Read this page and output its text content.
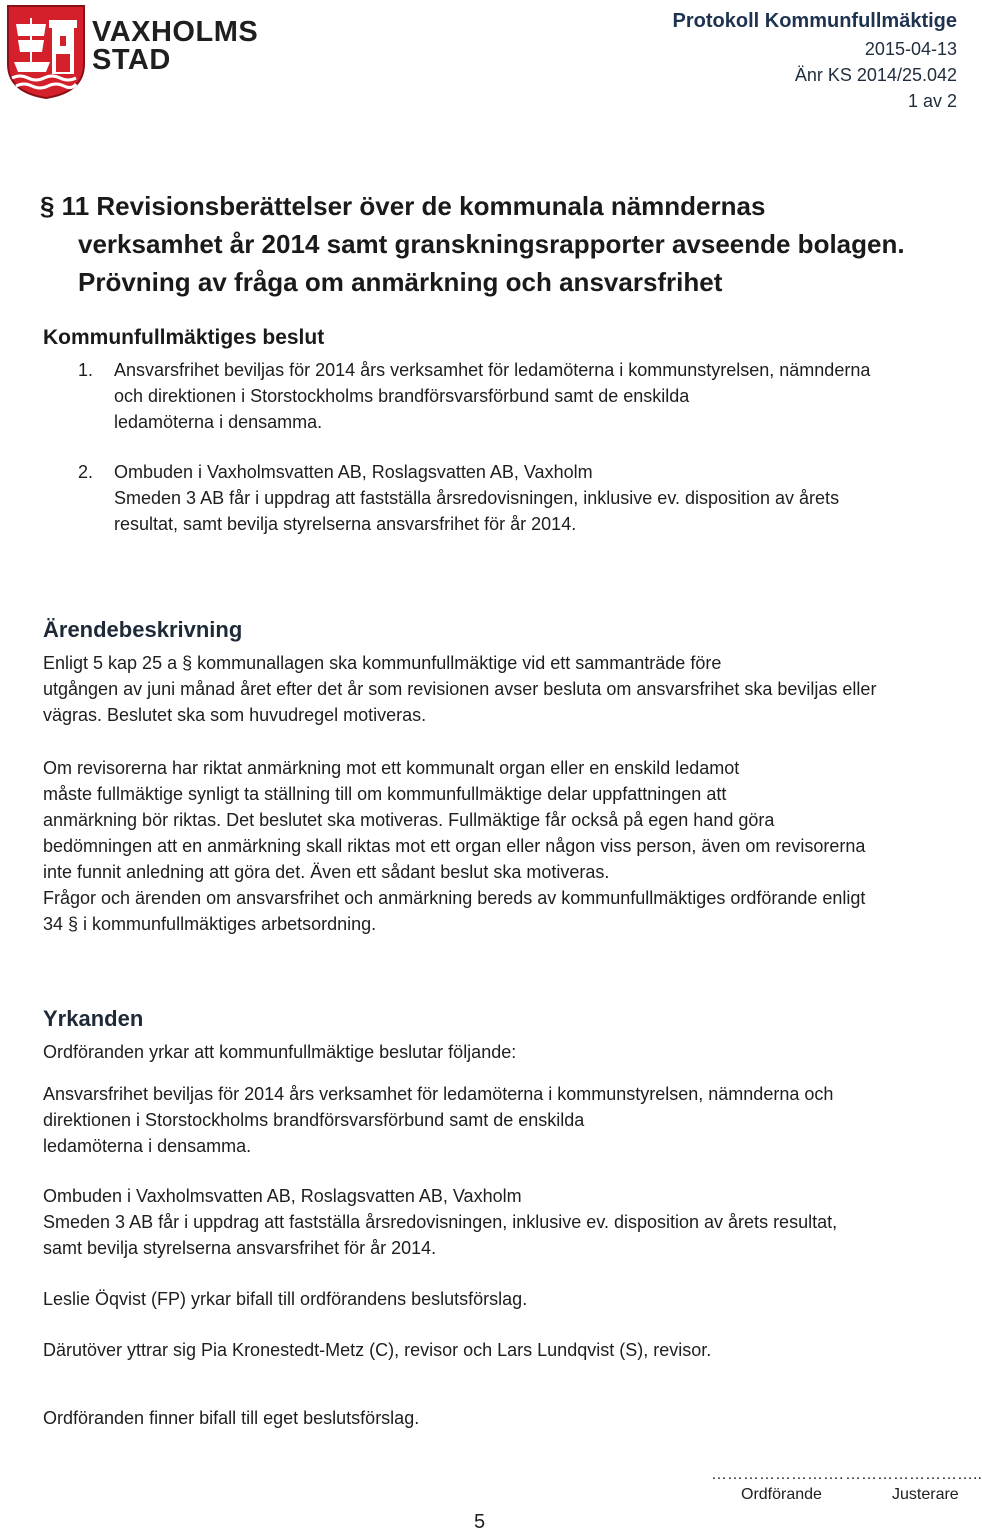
VAXHOLMS
STAD
Protokoll Kommunfullmäktige
2015-04-13
Änr KS 2014/25.042
1 av 2
§ 11 Revisionsberättelser över de kommunala nämndernas
verksamhet år 2014 samt granskningsrapporter avseende bolagen.
Prövning av fråga om anmärkning och ansvarsfrihet
Kommunfullmäktiges beslut
1. Ansvarsfrihet beviljas för 2014 års verksamhet för ledamöterna i kommunstyrelsen, nämnderna
och direktionen i Storstockholms brandförsvarsförbund samt de enskilda
ledamöterna i densamma.
2. Ombuden i Vaxholmsvatten AB, Roslagsvatten AB, Vaxholm
Smeden 3 AB får i uppdrag att fastställa årsredovisningen, inklusive ev. disposition av årets
resultat, samt bevilja styrelserna ansvarsfrihet för år 2014.
Ärendebeskrivning
Enligt 5 kap 25 a § kommunallagen ska kommunfullmäktige vid ett sammanträde före
utgången av juni månad året efter det år som revisionen avser besluta om ansvarsfrihet ska beviljas eller
vägras. Beslutet ska som huvudregel motiveras.
Om revisorerna har riktat anmärkning mot ett kommunalt organ eller en enskild ledamot
måste fullmäktige synligt ta ställning till om kommunfullmäktige delar uppfattningen att
anmärkning bör riktas. Det beslutet ska motiveras. Fullmäktige får också på egen hand göra
bedömningen att en anmärkning skall riktas mot ett organ eller någon viss person, även om revisorerna
inte funnit anledning att göra det. Även ett sådant beslut ska motiveras.
Frågor och ärenden om ansvarsfrihet och anmärkning bereds av kommunfullmäktiges ordförande enligt
34 § i kommunfullmäktiges arbetsordning.
Yrkanden
Ordföranden yrkar att kommunfullmäktige beslutar följande:
Ansvarsfrihet beviljas för 2014 års verksamhet för ledamöterna i kommunstyrelsen, nämnderna och
direktionen i Storstockholms brandförsvarsförbund samt de enskilda
ledamöterna i densamma.
Ombuden i Vaxholmsvatten AB, Roslagsvatten AB, Vaxholm
Smeden 3 AB får i uppdrag att fastställa årsredovisningen, inklusive ev. disposition av årets resultat,
samt bevilja styrelserna ansvarsfrihet för år 2014.
Leslie Öqvist (FP) yrkar bifall till ordförandens beslutsförslag.
Därutöver yttrar sig Pia Kronestedt-Metz (C), revisor och Lars Lundqvist (S), revisor.
Ordföranden finner bifall till eget beslutsförslag.
……………………. ……………………..
Ordförande	Justerare
5
